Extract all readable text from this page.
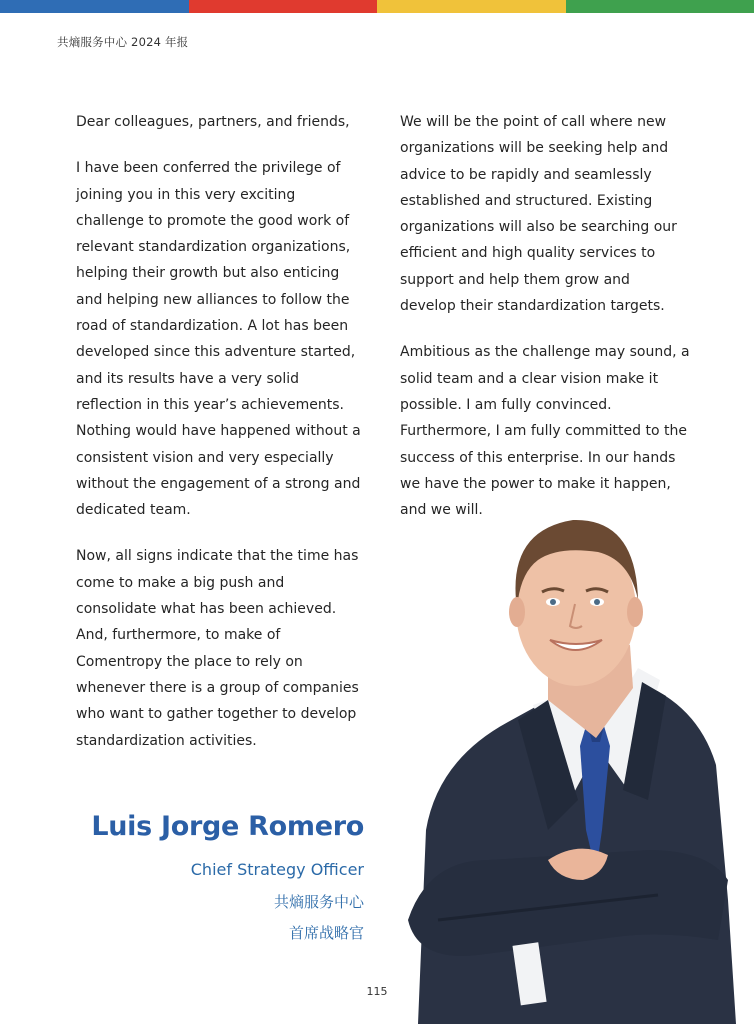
共熵服务中心 2024 年报

Dear colleagues, partners, and friends,

I have been conferred the privilege of joining you in this very exciting challenge to promote the good work of relevant standardization organizations, helping their growth but also enticing and helping new alliances to follow the road of standardization. A lot has been developed since this adventure started, and its results have a very solid reflection in this year’s achievements. Nothing would have happened without a consistent vision and very especially without the engagement of a strong and dedicated team.

Now, all signs indicate that the time has come to make a big push and consolidate what has been achieved. And, furthermore, to make of Comentropy the place to rely on whenever there is a group of companies who want to gather together to develop standardization activities.

We will be the point of call where new organizations will be seeking help and advice to be rapidly and seamlessly established and structured. Existing organizations will also be searching our efficient and high quality services to support and help them grow and develop their standardization targets.

Ambitious as the challenge may sound, a solid team and a clear vision make it possible. I am fully convinced. Furthermore, I am fully committed to the success of this enterprise. In our hands we have the power to make it happen, and we will.

Luis Jorge Romero
Chief Strategy Officer
共熵服务中心
首席战略官
115
